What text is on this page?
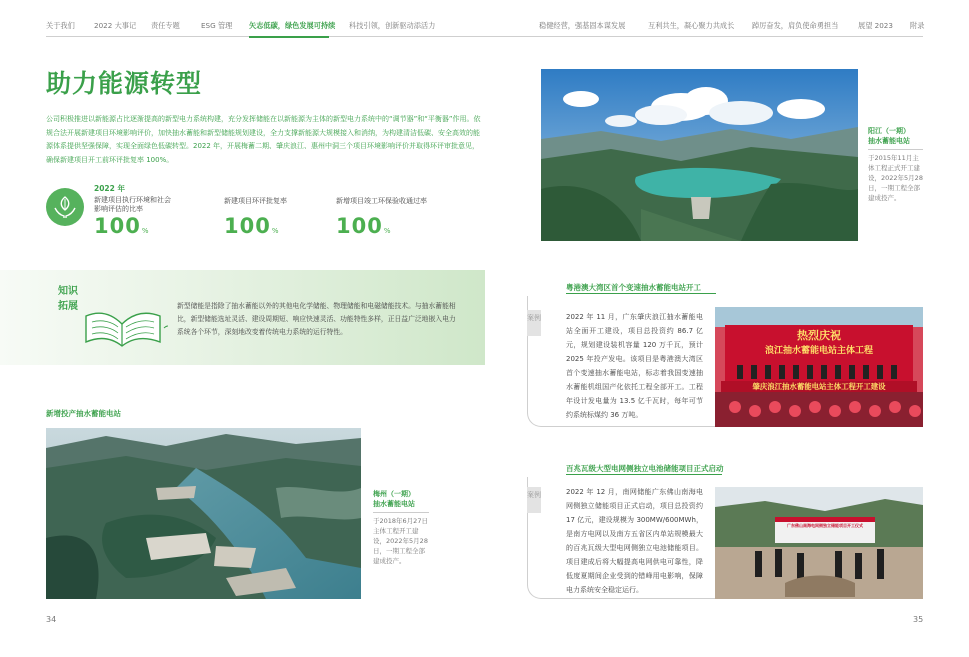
关于我们	2022 大事记 责任专题	ESG 管理 矢志低碳，绿色发展可持续 科技引领，创新驱动添活力	稳健经营，强基固本谋发展	互利共生，凝心聚力共成长 踔厉奋发，肩负使命勇担当	展望 2023 附录
助力能源转型
公司积极推进以新能源占比逐渐提高的新型电力系统构建，充分发挥储能在以新能源为主体的新型电力系统中的“调节器”和“平衡器”作用。依规合法开展新建项目环境影响评价，加快抽水蓄能和新型储能规划建设，全力支撑新能源大规模接入和消纳，为构建清洁低碳、安全高效的能源体系提供坚强保障，实现全面绿色低碳转型。2022 年，开展梅蓄二期、肇庆浪江、惠州中洞三个项目环境影响评价并取得环评审批意见，确保新建项目开工前环评批复率 100%。
2022 年
新建项目执行环境和社会影响评估的比率
100%
新建项目环评批复率
100%
新增项目竣工环保验收通过率
100%
知识
拓展	新型储能是指除了抽水蓄能以外的其他电化学储能、物理储能和电磁储能技术。与抽水蓄能相比，新型储能选址灵活、建设周期短、响应快速灵活、功能特性多样，正日益广泛地嵌入电力系统各个环节，深刻地改变着传统电力系统的运行特性。
新增投产抽水蓄能电站
梅州（一期）
抽水蓄能电站
于2018年6月27日主体工程开工建设，2022年5月28日，一期工程全部建成投产。
34
阳江（一期）
抽水蓄能电站
于2015年11月主体工程正式开工建设，2022年5月28日，一期工程全部建成投产。
粤港澳大湾区首个变速抽水蓄能电站开工
案例	2022 年 11 月，广东肇庆浪江抽水蓄能电站全面开工建设，项目总投资约 86.7 亿元，规划建设装机容量 120 万千瓦，预计 2025 年投产发电。该项目是粤港澳大湾区首个变速抽水蓄能电站，标志着我国变速抽水蓄能机组国产化依托工程全部开工。工程年设计发电量为 13.5 亿千瓦时，每年可节约系统标煤约 36 万吨。
热烈庆祝
浪江抽水蓄能电站主体工程
肇庆浪江抽水蓄能电站主体工程开工建设
百兆瓦级大型电网侧独立电池储能项目正式启动
案例	2022 年 12 月，南网储能广东佛山南海电网侧独立储能项目正式启动，项目总投资约 17 亿元，建设规模为 300MW/600MWh，是南方电网以及南方五省区内单站规模最大的百兆瓦级大型电网侧独立电池储能项目。项目建成后将大幅提高电网供电可靠性，降低度夏期间企业受到的错峰用电影响，保障电力系统安全稳定运行。
广东佛山南海电网侧独立储能项目开工仪式
35
